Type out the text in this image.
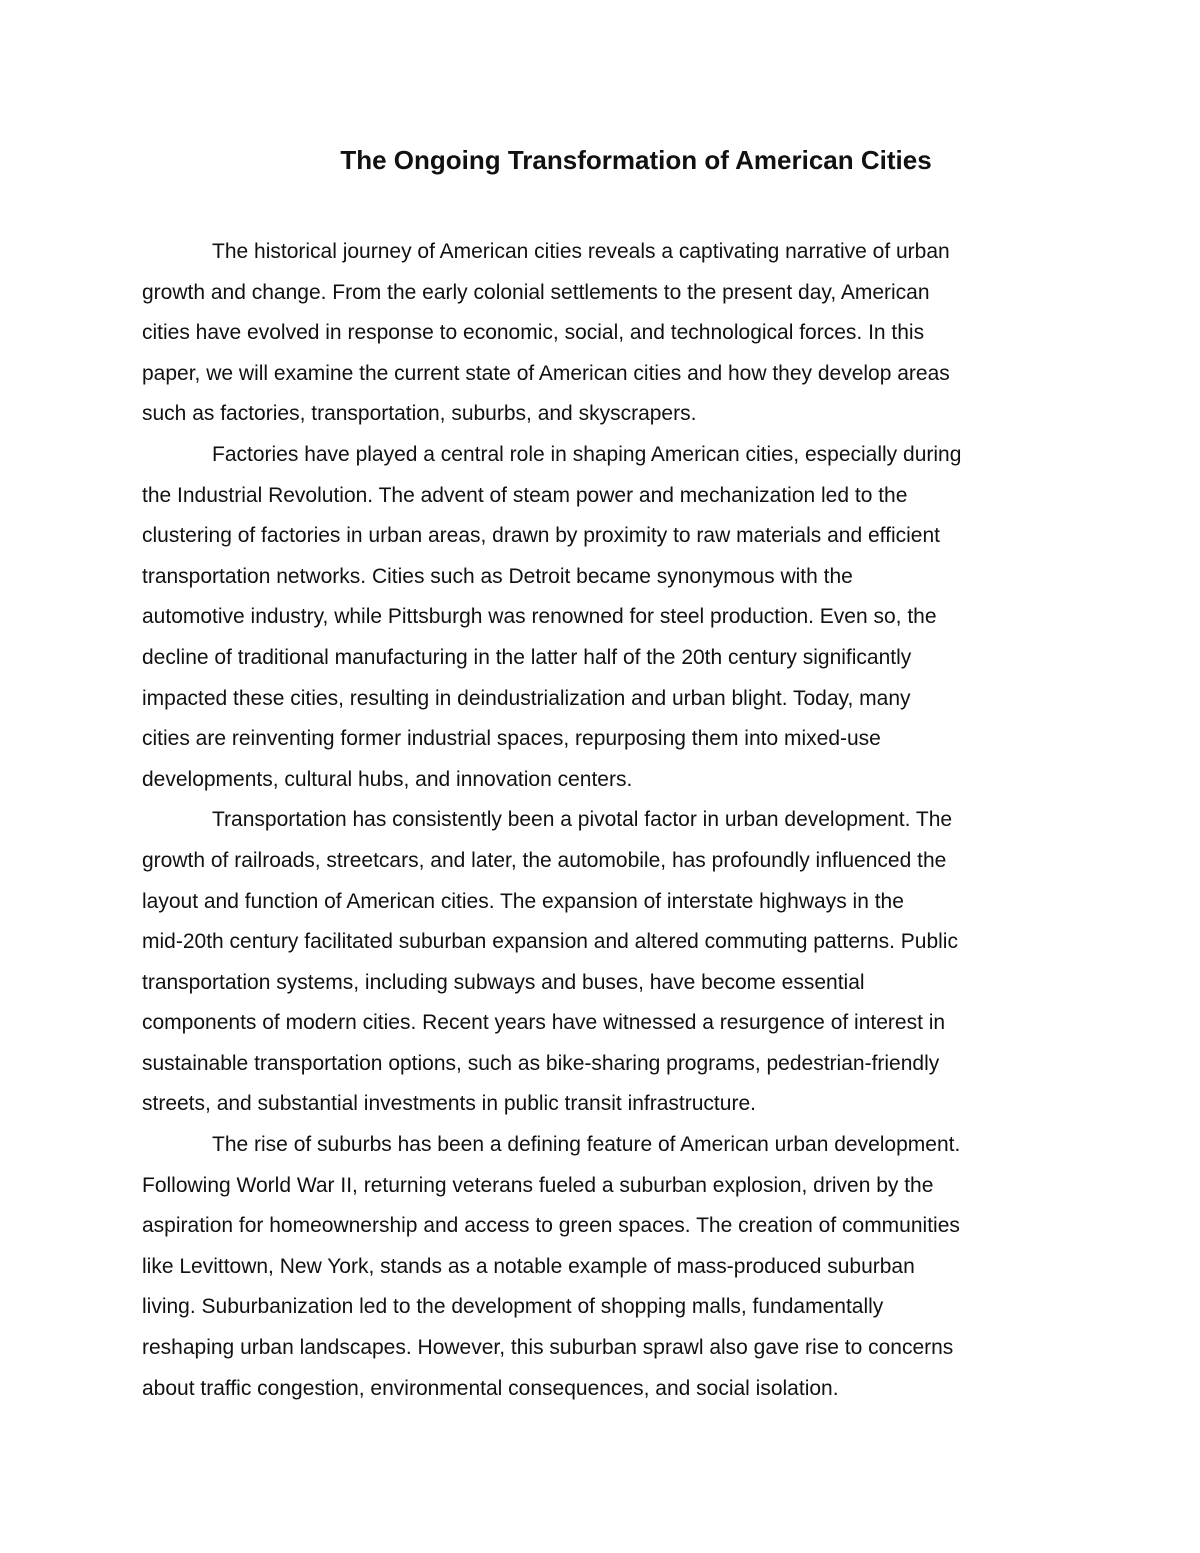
The Ongoing Transformation of American Cities

The historical journey of American cities reveals a captivating narrative of urban
growth and change. From the early colonial settlements to the present day, American
cities have evolved in response to economic, social, and technological forces. In this
paper, we will examine the current state of American cities and how they develop areas
such as factories, transportation, suburbs, and skyscrapers.

Factories have played a central role in shaping American cities, especially during
the Industrial Revolution. The advent of steam power and mechanization led to the
clustering of factories in urban areas, drawn by proximity to raw materials and efficient
transportation networks. Cities such as Detroit became synonymous with the
automotive industry, while Pittsburgh was renowned for steel production. Even so, the
decline of traditional manufacturing in the latter half of the 20th century significantly
impacted these cities, resulting in deindustrialization and urban blight. Today, many
cities are reinventing former industrial spaces, repurposing them into mixed-use
developments, cultural hubs, and innovation centers.

Transportation has consistently been a pivotal factor in urban development. The
growth of railroads, streetcars, and later, the automobile, has profoundly influenced the
layout and function of American cities. The expansion of interstate highways in the
mid-20th century facilitated suburban expansion and altered commuting patterns. Public
transportation systems, including subways and buses, have become essential
components of modern cities. Recent years have witnessed a resurgence of interest in
sustainable transportation options, such as bike-sharing programs, pedestrian-friendly
streets, and substantial investments in public transit infrastructure.

The rise of suburbs has been a defining feature of American urban development.
Following World War II, returning veterans fueled a suburban explosion, driven by the
aspiration for homeownership and access to green spaces. The creation of communities
like Levittown, New York, stands as a notable example of mass-produced suburban
living. Suburbanization led to the development of shopping malls, fundamentally
reshaping urban landscapes. However, this suburban sprawl also gave rise to concerns
about traffic congestion, environmental consequences, and social isolation.
